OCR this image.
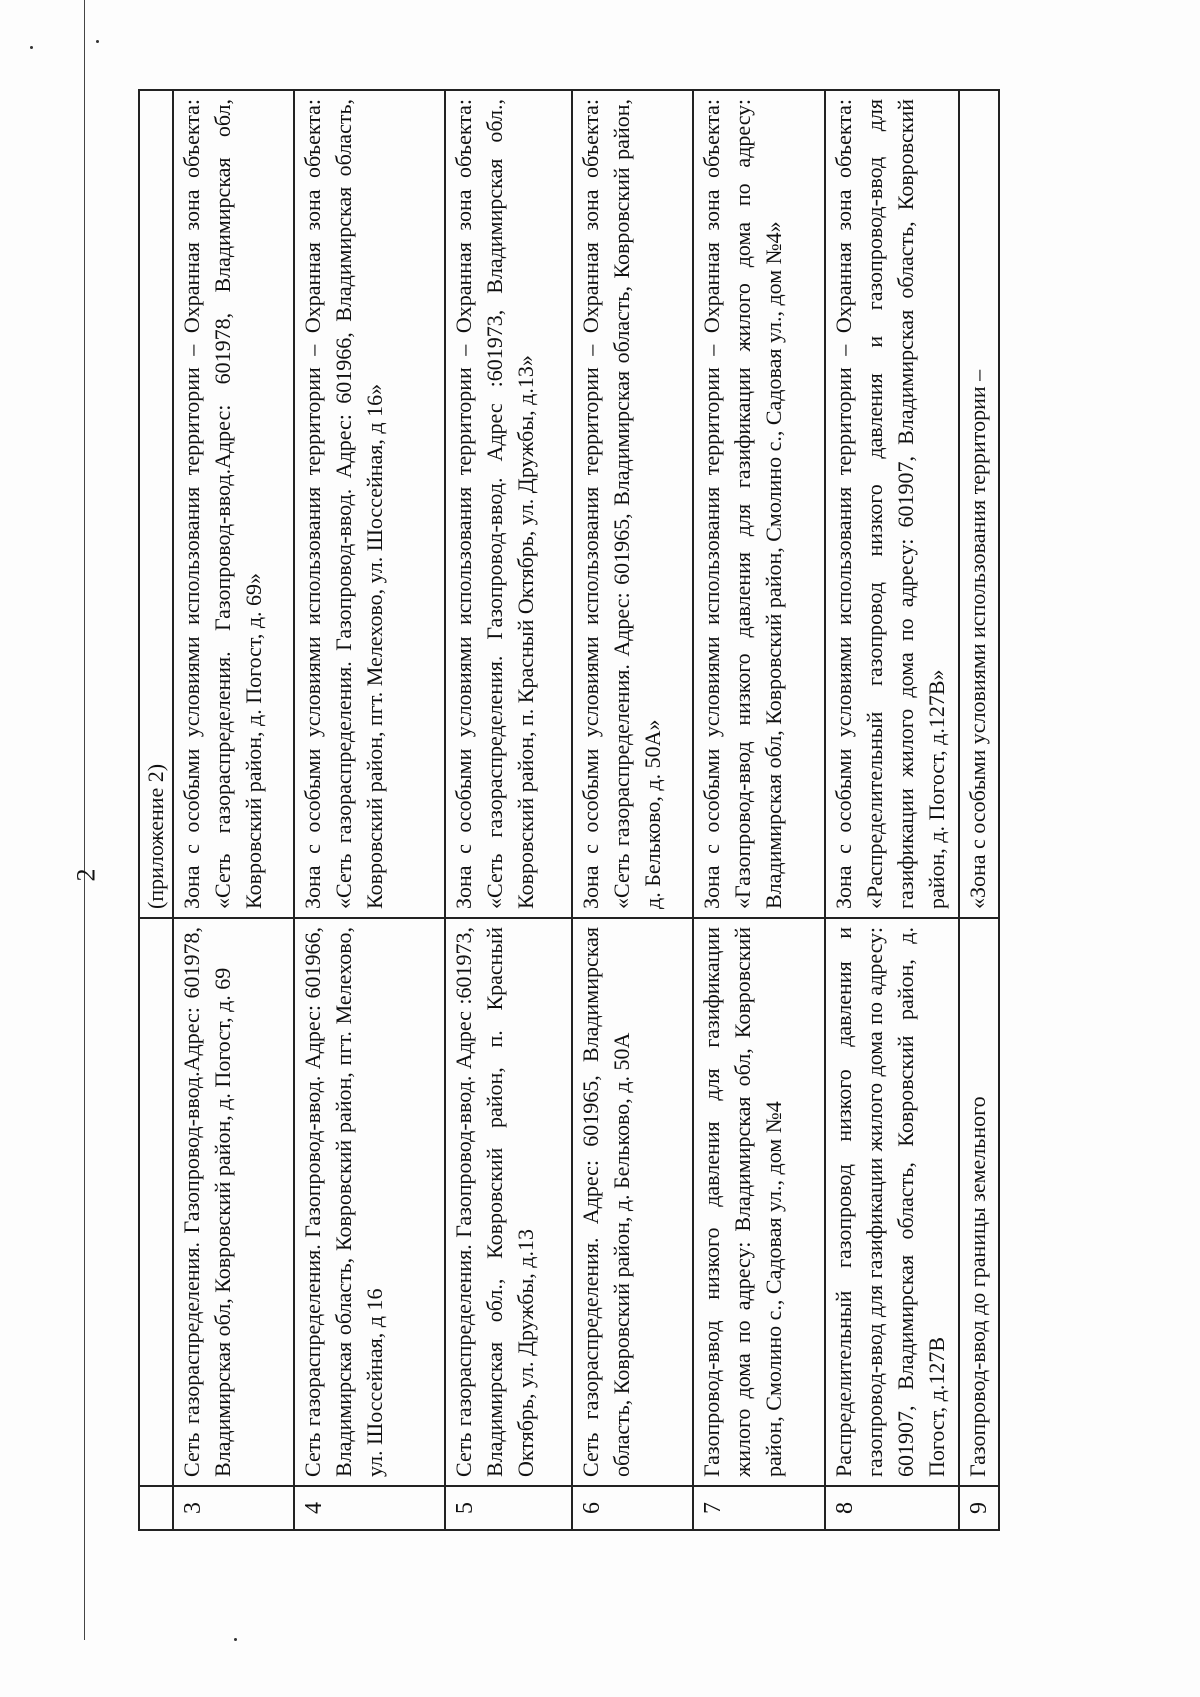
2
		(приложение 2)
3	Сеть газораспределения. Газопровод-ввод.Адрес: 601978, Владимирская обл, Ковровский район, д. Погост, д. 69	Зона с особыми условиями использования территории – Охранная зона объекта: «Сеть газораспределения. Газопровод-ввод.Адрес: 601978, Владимирская обл, Ковровский район, д. Погост, д. 69»
4	Сеть газораспределения. Газопровод-ввод. Адрес: 601966, Владимирская область, Ковровский район, пгт. Мелехово, ул. Шоссейная, д 16	Зона с особыми условиями использования территории – Охранная зона объекта: «Сеть газораспределения. Газопровод-ввод. Адрес: 601966, Владимирская область, Ковровский район, пгт. Мелехово, ул. Шоссейная, д 16»
5	Сеть газораспределения. Газопровод-ввод. Адрес :601973, Владимирская обл., Ковровский район, п. Красный Октябрь, ул. Дружбы, д.13	Зона с особыми условиями использования территории – Охранная зона объекта: «Сеть газораспределения. Газопровод-ввод. Адрес :601973, Владимирская обл., Ковровский район, п. Красный Октябрь, ул. Дружбы, д.13»
6	Сеть газораспределения. Адрес: 601965, Владимирская область, Ковровский район, д. Бельково, д. 50А	Зона с особыми условиями использования территории – Охранная зона объекта: «Сеть газораспределения. Адрес: 601965, Владимирская область, Ковровский район, д. Бельково, д. 50А»
7	Газопровод-ввод низкого давления для газификации жилого дома по адресу: Владимирская обл, Ковровский район, Смолино с., Садовая ул., дом №4	Зона с особыми условиями использования территории – Охранная зона объекта: «Газопровод-ввод низкого давления для газификации жилого дома по адресу: Владимирская обл, Ковровский район, Смолино с., Садовая ул., дом №4»
8	Распределительный газопровод низкого давления и газопровод-ввод для газификации жилого дома по адресу: 601907, Владимирская область, Ковровский район, д. Погост, д.127В	Зона с особыми условиями использования территории – Охранная зона объекта: «Распределительный газопровод низкого давления и газопровод-ввод для газификации жилого дома по адресу: 601907, Владимирская область, Ковровский район, д. Погост, д.127В»
9	Газопровод-ввод до границы земельного	«Зона с особыми условиями использования территории –
